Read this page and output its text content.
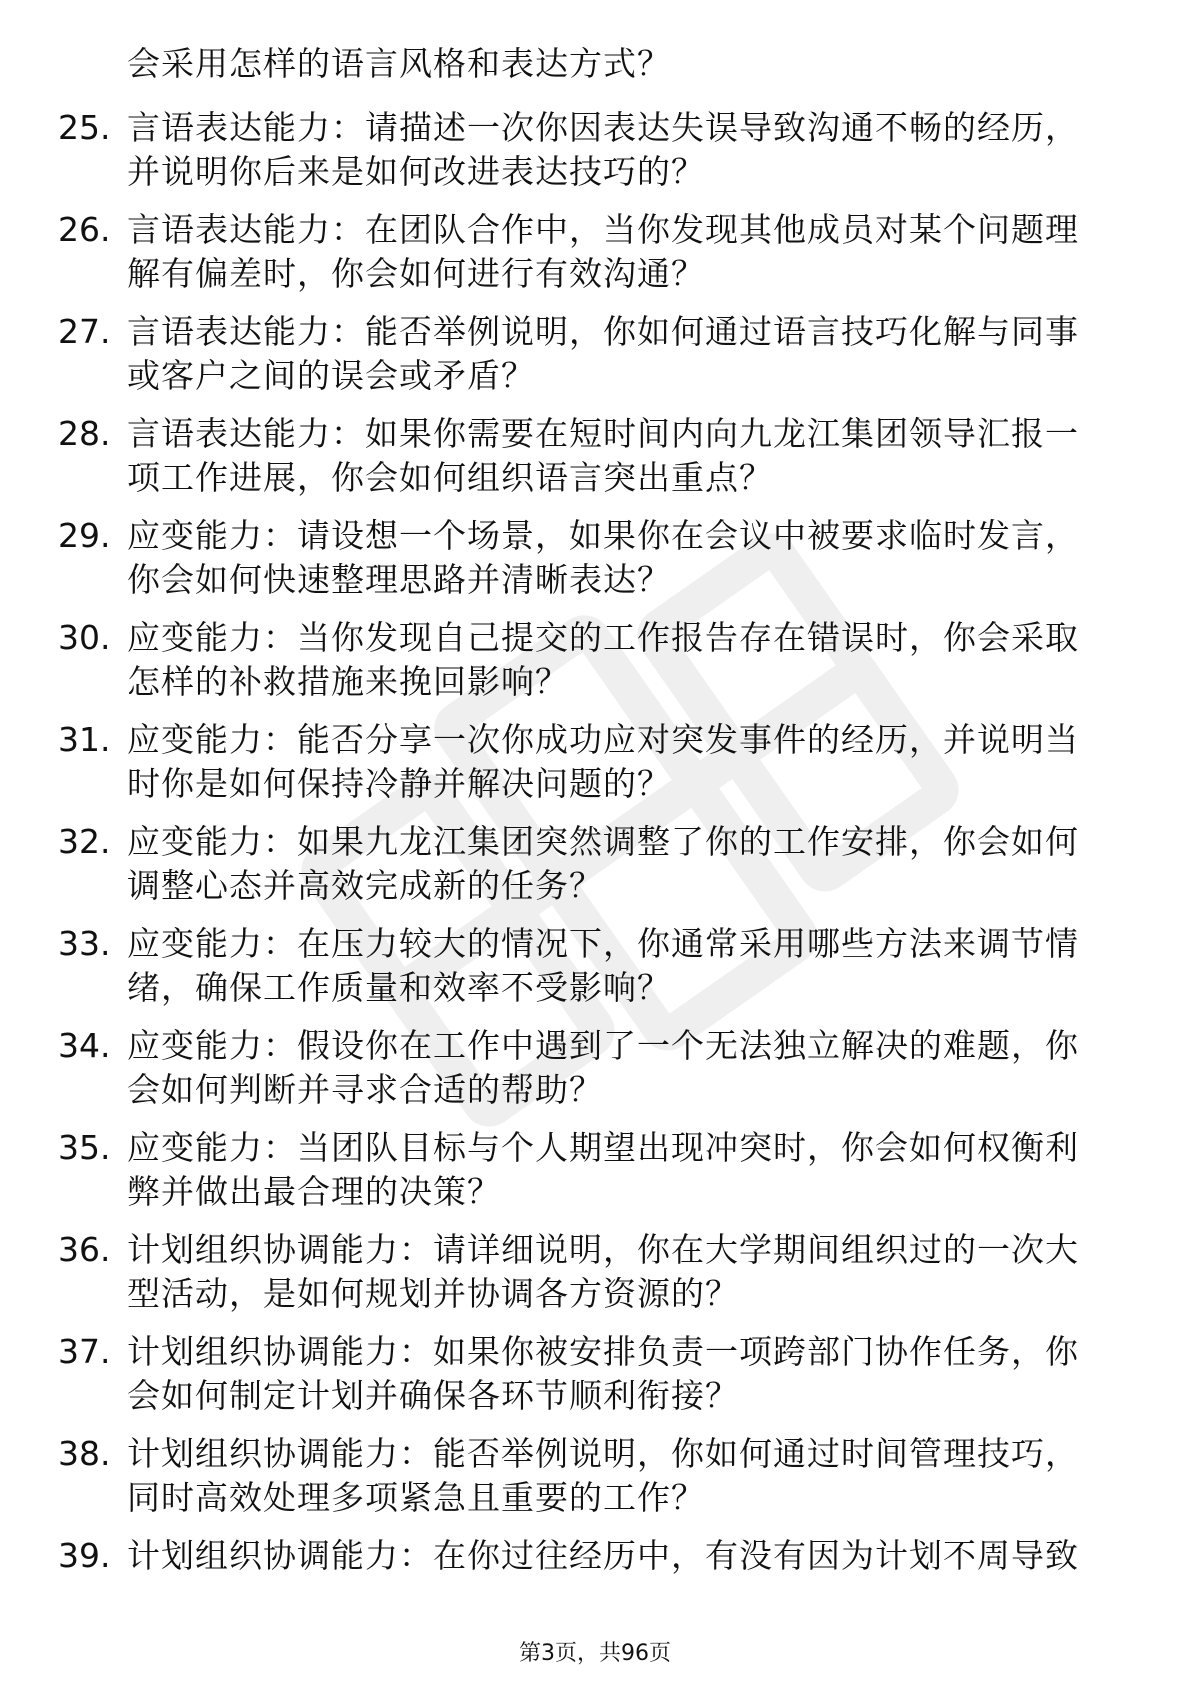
会采用怎样的语言风格和表达方式？
25. 言语表达能力：请描述一次你因表达失误导致沟通不畅的经历，
并说明你后来是如何改进表达技巧的？
26. 言语表达能力：在团队合作中，当你发现其他成员对某个问题理
解有偏差时，你会如何进行有效沟通？
27. 言语表达能力：能否举例说明，你如何通过语言技巧化解与同事
或客户之间的误会或矛盾？
28. 言语表达能力：如果你需要在短时间内向九龙江集团领导汇报一
项工作进展，你会如何组织语言突出重点？
29. 应变能力：请设想一个场景，如果你在会议中被要求临时发言，
你会如何快速整理思路并清晰表达？
30. 应变能力：当你发现自己提交的工作报告存在错误时，你会采取
怎样的补救措施来挽回影响？
31. 应变能力：能否分享一次你成功应对突发事件的经历，并说明当
时你是如何保持冷静并解决问题的？
32. 应变能力：如果九龙江集团突然调整了你的工作安排，你会如何
调整心态并高效完成新的任务？
33. 应变能力：在压力较大的情况下，你通常采用哪些方法来调节情
绪，确保工作质量和效率不受影响？
34. 应变能力：假设你在工作中遇到了一个无法独立解决的难题，你
会如何判断并寻求合适的帮助？
35. 应变能力：当团队目标与个人期望出现冲突时，你会如何权衡利
弊并做出最合理的决策？
36. 计划组织协调能力：请详细说明，你在大学期间组织过的一次大
型活动，是如何规划并协调各方资源的？
37. 计划组织协调能力：如果你被安排负责一项跨部门协作任务，你
会如何制定计划并确保各环节顺利衔接？
38. 计划组织协调能力：能否举例说明，你如何通过时间管理技巧，
同时高效处理多项紧急且重要的工作？
39. 计划组织协调能力：在你过往经历中，有没有因为计划不周导致
第3页，共96页
